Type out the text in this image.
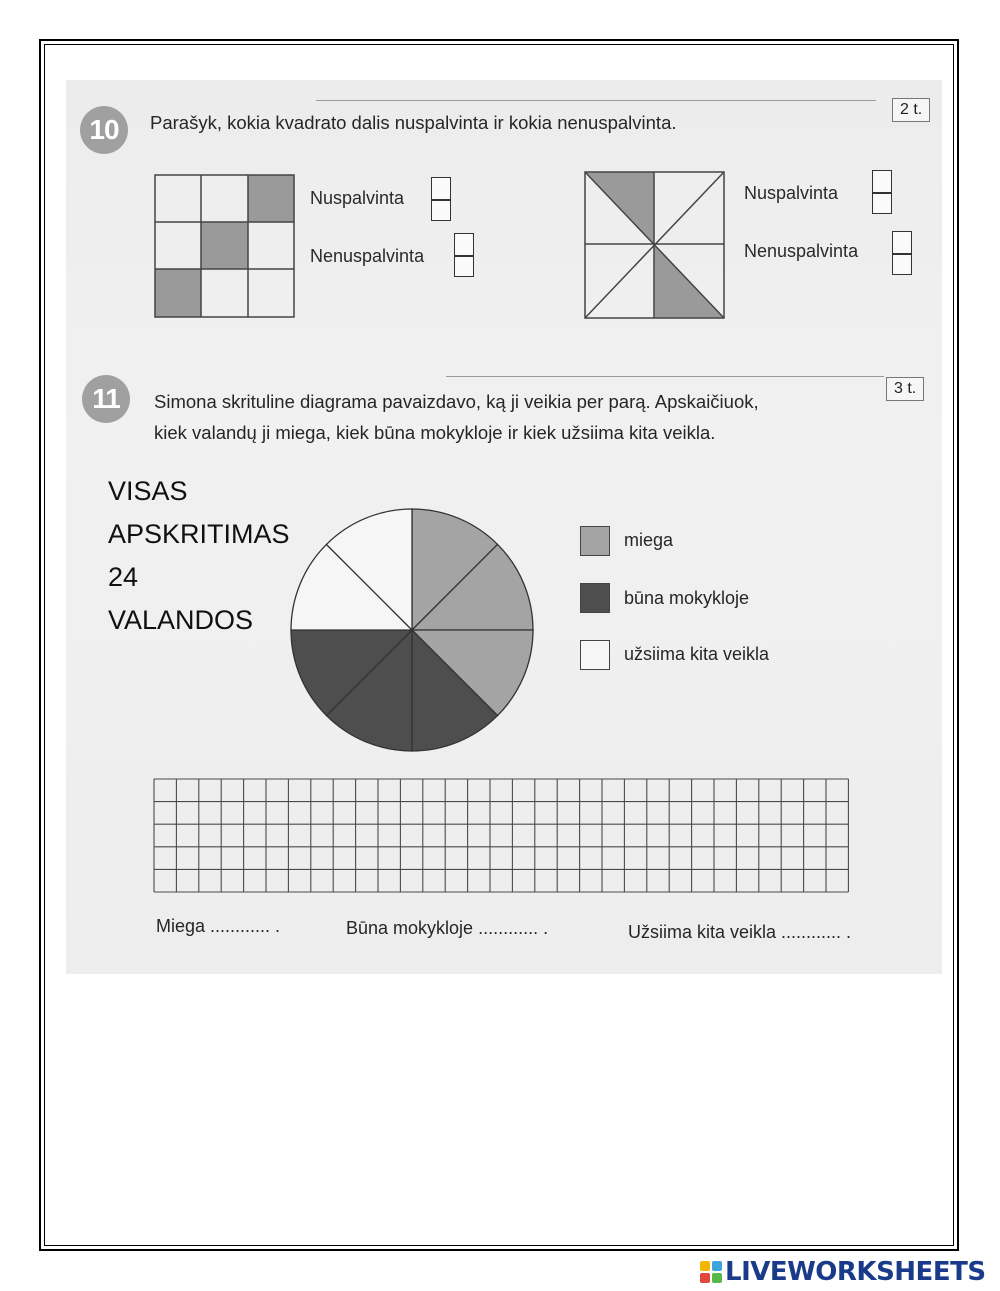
10	Parašyk, kokia kvadrato dalis nuspalvinta ir kokia nenuspalvinta.
2 t.
Nuspalvinta
Nenuspalvinta
Nuspalvinta
Nenuspalvinta
11	3 t.
Simona skrituline diagrama pavaizdavo, ką ji veikia per parą. Apskaičiuok,
kiek valandų ji miega, kiek būna mokykloje ir kiek užsiima kita veikla.
VISAS
APSKRITIMAS
24
VALANDOS
miega
būna mokykloje
užsiima kita veikla
Miega ............ .	Būna mokykloje ............ .	Užsiima kita veikla ............ .
LIVEWORKSHEETS
